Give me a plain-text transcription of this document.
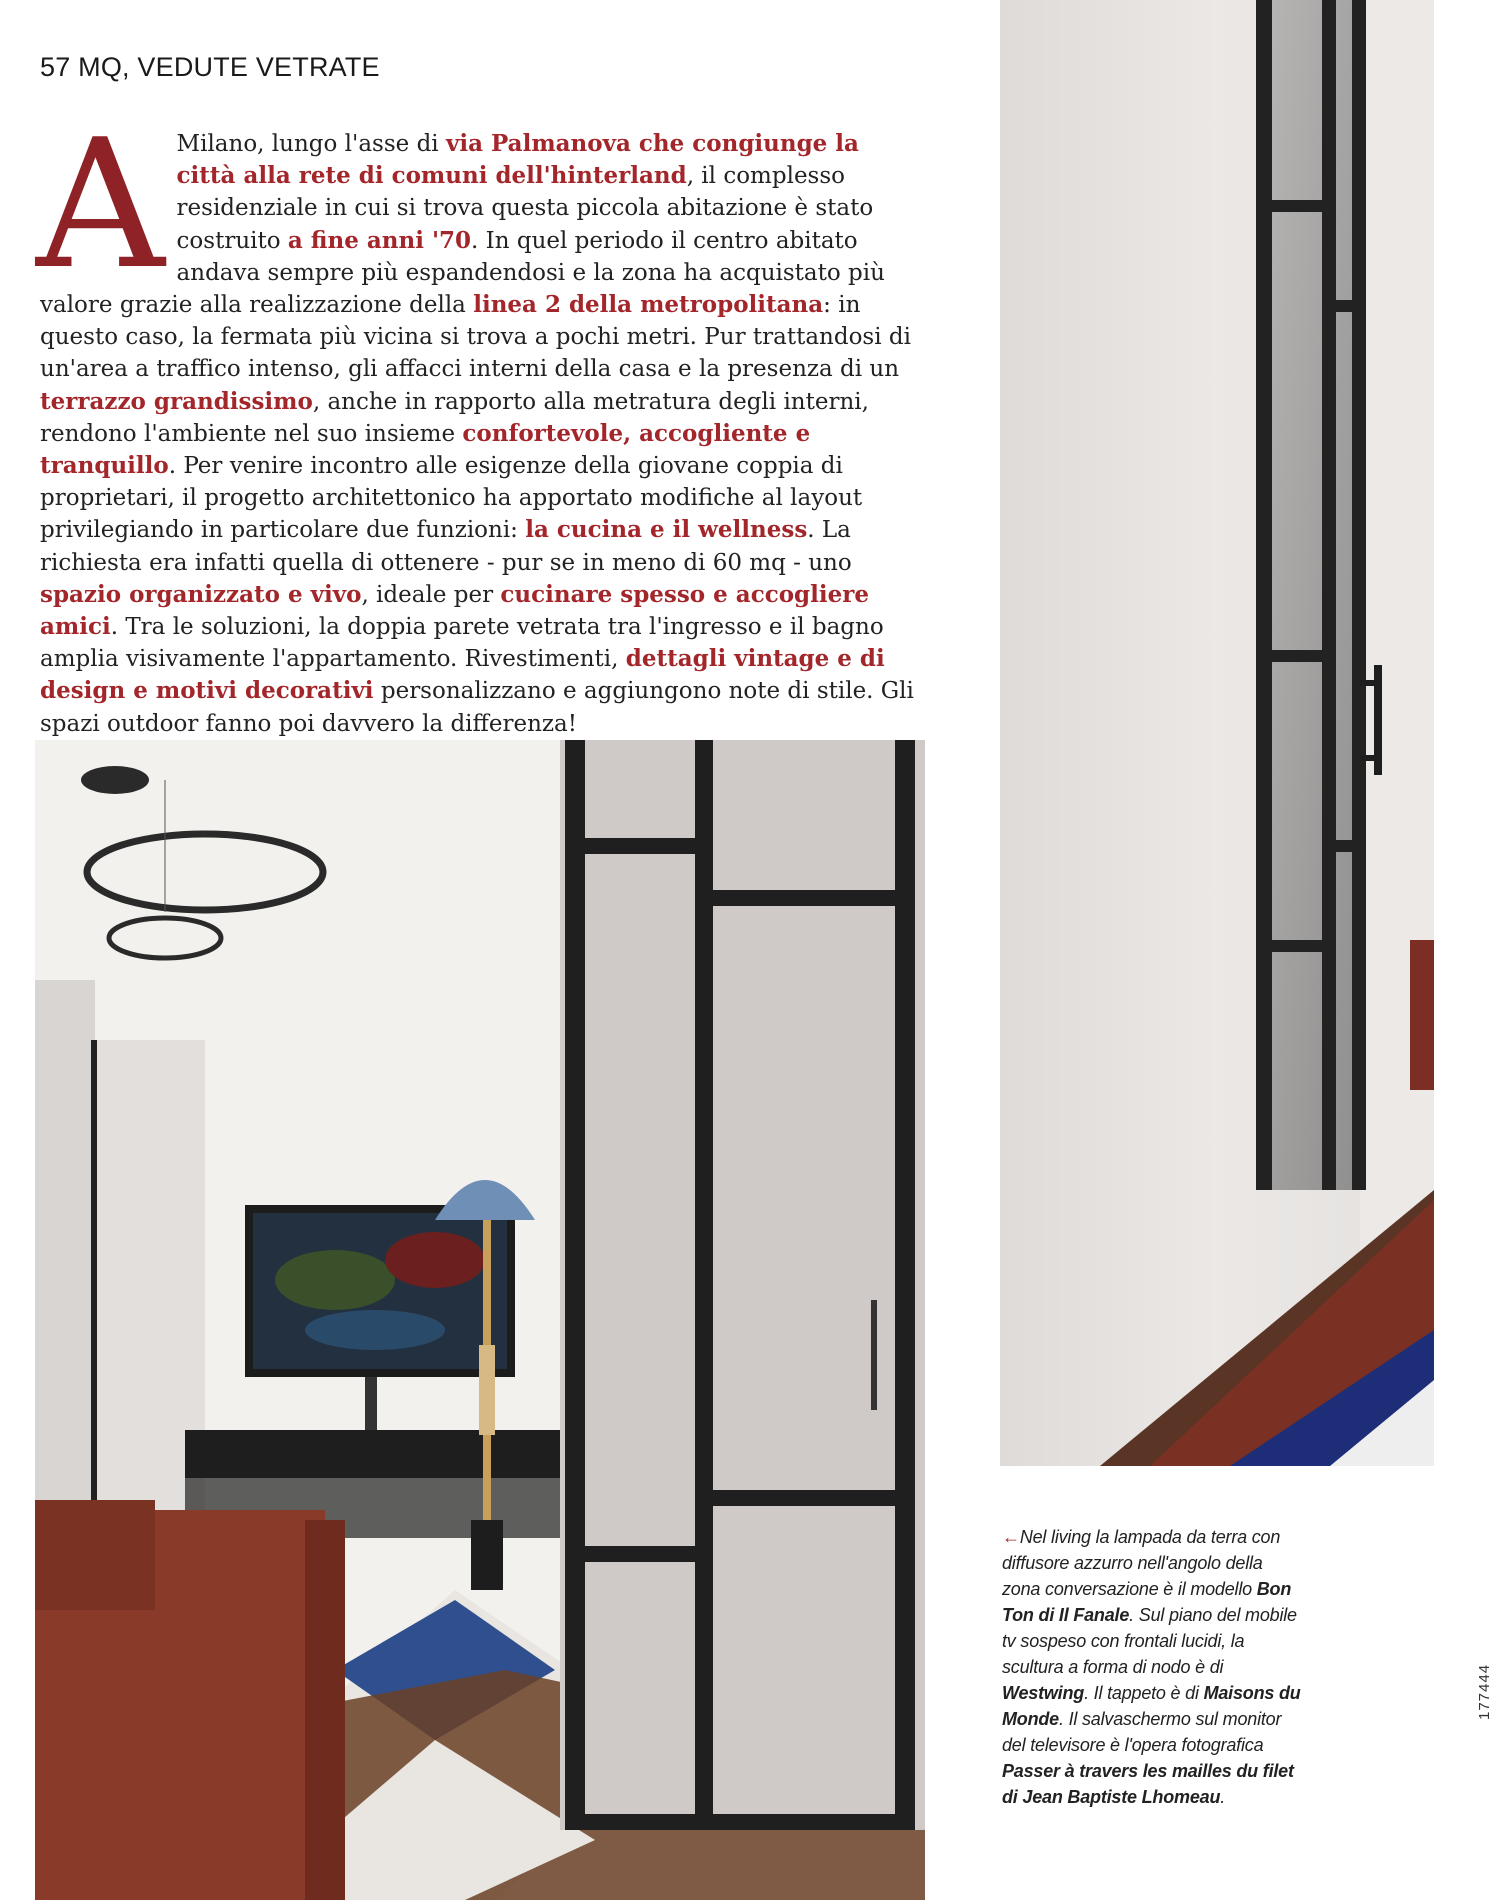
57 MQ, VEDUTE VETRATE
A Milano, lungo l'asse di via Palmanova che congiunge la città alla rete di comuni dell'hinterland, il complesso residenziale in cui si trova questa piccola abitazione è stato costruito a fine anni '70. In quel periodo il centro abitato andava sempre più espandendosi e la zona ha acquistato più valore grazie alla realizzazione della linea 2 della metropolitana: in questo caso, la fermata più vicina si trova a pochi metri. Pur trattandosi di un'area a traffico intenso, gli affacci interni della casa e la presenza di un terrazzo grandissimo, anche in rapporto alla metratura degli interni, rendono l'ambiente nel suo insieme confortevole, accogliente e tranquillo. Per venire incontro alle esigenze della giovane coppia di proprietari, il progetto architettonico ha apportato modifiche al layout privilegiando in particolare due funzioni: la cucina e il wellness. La richiesta era infatti quella di ottenere - pur se in meno di 60 mq - uno spazio organizzato e vivo, ideale per cucinare spesso e accogliere amici. Tra le soluzioni, la doppia parete vetrata tra l'ingresso e il bagno amplia visivamente l'appartamento. Rivestimenti, dettagli vintage e di design e motivi decorativi personalizzano e aggiungono note di stile. Gli spazi outdoor fanno poi davvero la differenza!
←Nel living la lampada da terra con diffusore azzurro nell'angolo della zona conversazione è il modello Bon Ton di Il Fanale. Sul piano del mobile tv sospeso con frontali lucidi, la scultura a forma di nodo è di Westwing. Il tappeto è di Maisons du Monde. Il salvaschermo sul monitor del televisore è l'opera fotografica Passer à travers les mailles du filet di Jean Baptiste Lhomeau.
177444
